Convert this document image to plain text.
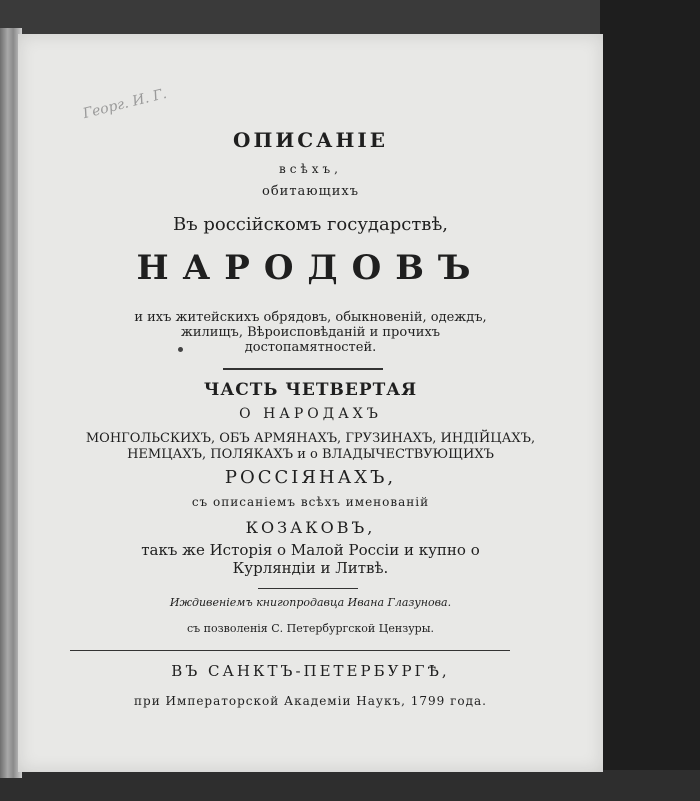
Георг. И. Г.

ОПИСАНІЕ

всѣхъ,

обитающихъ

Въ россійскомъ государствѣ,

НАРОДОВЪ

и ихъ житейскихъ обрядовъ, обыкновеній, одеждъ,

жилищъ, Вѣроисповѣданій и прочихъ

достопамятностей.

ЧАСТЬ ЧЕТВЕРТАЯ

О НАРОДАХЪ

МОНГОЛЬСКИХЪ, ОБЪ АРМЯНАХЪ, ГРУЗИНАХЪ, ИНДІЙЦАХЪ,

НЕМЦАХЪ, ПОЛЯКАХЪ и о ВЛАДЫЧЕСТВУЮЩИХЪ

РОССІЯНАХЪ,

съ описаніемъ всѣхъ именованій

КОЗАКОВЪ,

такъ же Исторія о Малой Россіи и купно о

Курляндіи и Литвѣ.

Иждивеніемъ книгопродавца Ивана Глазунова.

съ позволенія С. Петербургской Цензуры.

ВЪ САНКТЪ-ПЕТЕРБУРГѢ,

при Императорской Академіи Наукъ, 1799 года.
